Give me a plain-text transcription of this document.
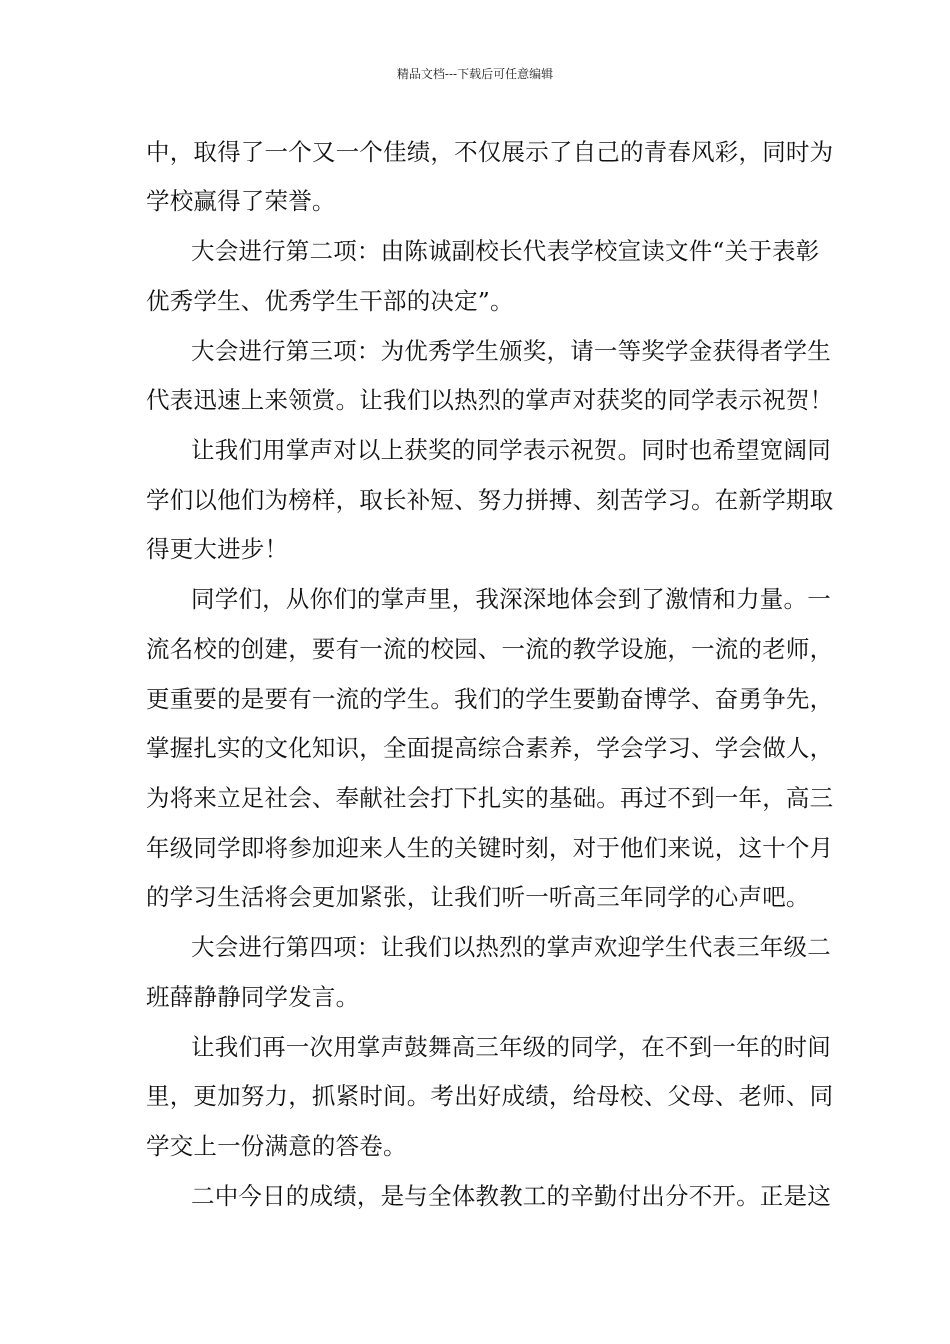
精品文档---下载后可任意编辑
中，取得了一个又一个佳绩，不仅展示了自己的青春风彩，同时为
学校赢得了荣誉。
大会进行第二项：由陈诚副校长代表学校宣读文件“关于表彰
优秀学生、优秀学生干部的决定”。
大会进行第三项：为优秀学生颁奖，请一等奖学金获得者学生
代表迅速上来领赏。让我们以热烈的掌声对获奖的同学表示祝贺！
让我们用掌声对以上获奖的同学表示祝贺。同时也希望宽阔同
学们以他们为榜样，取长补短、努力拼搏、刻苦学习。在新学期取
得更大进步！
同学们，从你们的掌声里，我深深地体会到了激情和力量。一
流名校的创建，要有一流的校园、一流的教学设施，一流的老师，
更重要的是要有一流的学生。我们的学生要勤奋博学、奋勇争先，
掌握扎实的文化知识，全面提高综合素养，学会学习、学会做人，
为将来立足社会、奉献社会打下扎实的基础。再过不到一年，高三
年级同学即将参加迎来人生的关键时刻，对于他们来说，这十个月
的学习生活将会更加紧张，让我们听一听高三年同学的心声吧。
大会进行第四项：让我们以热烈的掌声欢迎学生代表三年级二
班薛静静同学发言。
让我们再一次用掌声鼓舞高三年级的同学，在不到一年的时间
里，更加努力，抓紧时间。考出好成绩，给母校、父母、老师、同
学交上一份满意的答卷。
二中今日的成绩，是与全体教教工的辛勤付出分不开。正是这
